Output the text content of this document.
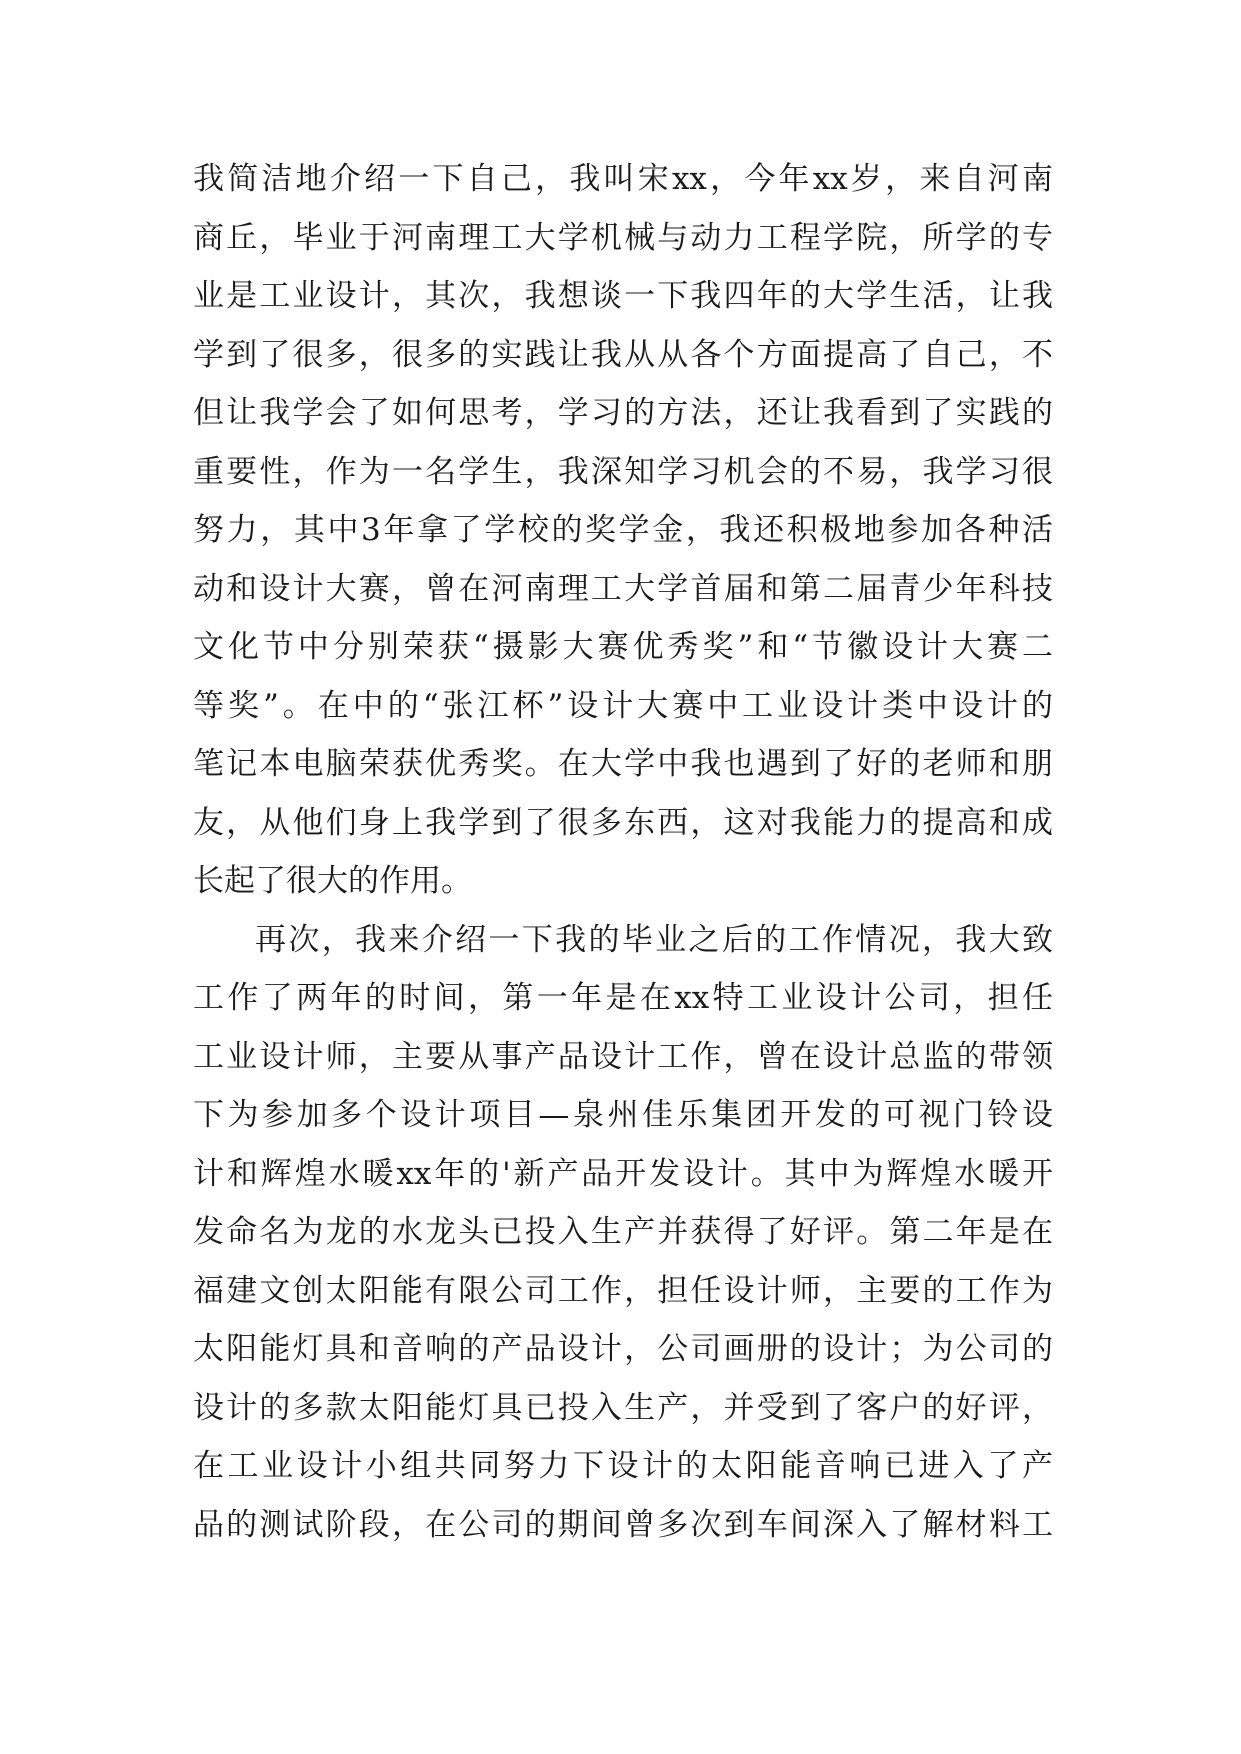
我简洁地介绍一下自己，我叫宋xx，今年xx岁，来自河南
商丘，毕业于河南理工大学机械与动力工程学院，所学的专
业是工业设计，其次，我想谈一下我四年的大学生活，让我
学到了很多，很多的实践让我从从各个方面提高了自己，不
但让我学会了如何思考，学习的方法，还让我看到了实践的
重要性，作为一名学生，我深知学习机会的不易，我学习很
努力，其中3年拿了学校的奖学金，我还积极地参加各种活
动和设计大赛，曾在河南理工大学首届和第二届青少年科技
文化节中分别荣获“摄影大赛优秀奖”和“节徽设计大赛二
等奖”。在中的“张江杯”设计大赛中工业设计类中设计的
笔记本电脑荣获优秀奖。在大学中我也遇到了好的老师和朋
友，从他们身上我学到了很多东西，这对我能力的提高和成
长起了很大的作用。
再次，我来介绍一下我的毕业之后的工作情况，我大致
工作了两年的时间，第一年是在xx特工业设计公司，担任
工业设计师，主要从事产品设计工作，曾在设计总监的带领
下为参加多个设计项目—泉州佳乐集团开发的可视门铃设
计和辉煌水暖xx年的'新产品开发设计。其中为辉煌水暖开
发命名为龙的水龙头已投入生产并获得了好评。第二年是在
福建文创太阳能有限公司工作，担任设计师，主要的工作为
太阳能灯具和音响的产品设计，公司画册的设计；为公司的
设计的多款太阳能灯具已投入生产，并受到了客户的好评，
在工业设计小组共同努力下设计的太阳能音响已进入了产
品的测试阶段，在公司的期间曾多次到车间深入了解材料工
